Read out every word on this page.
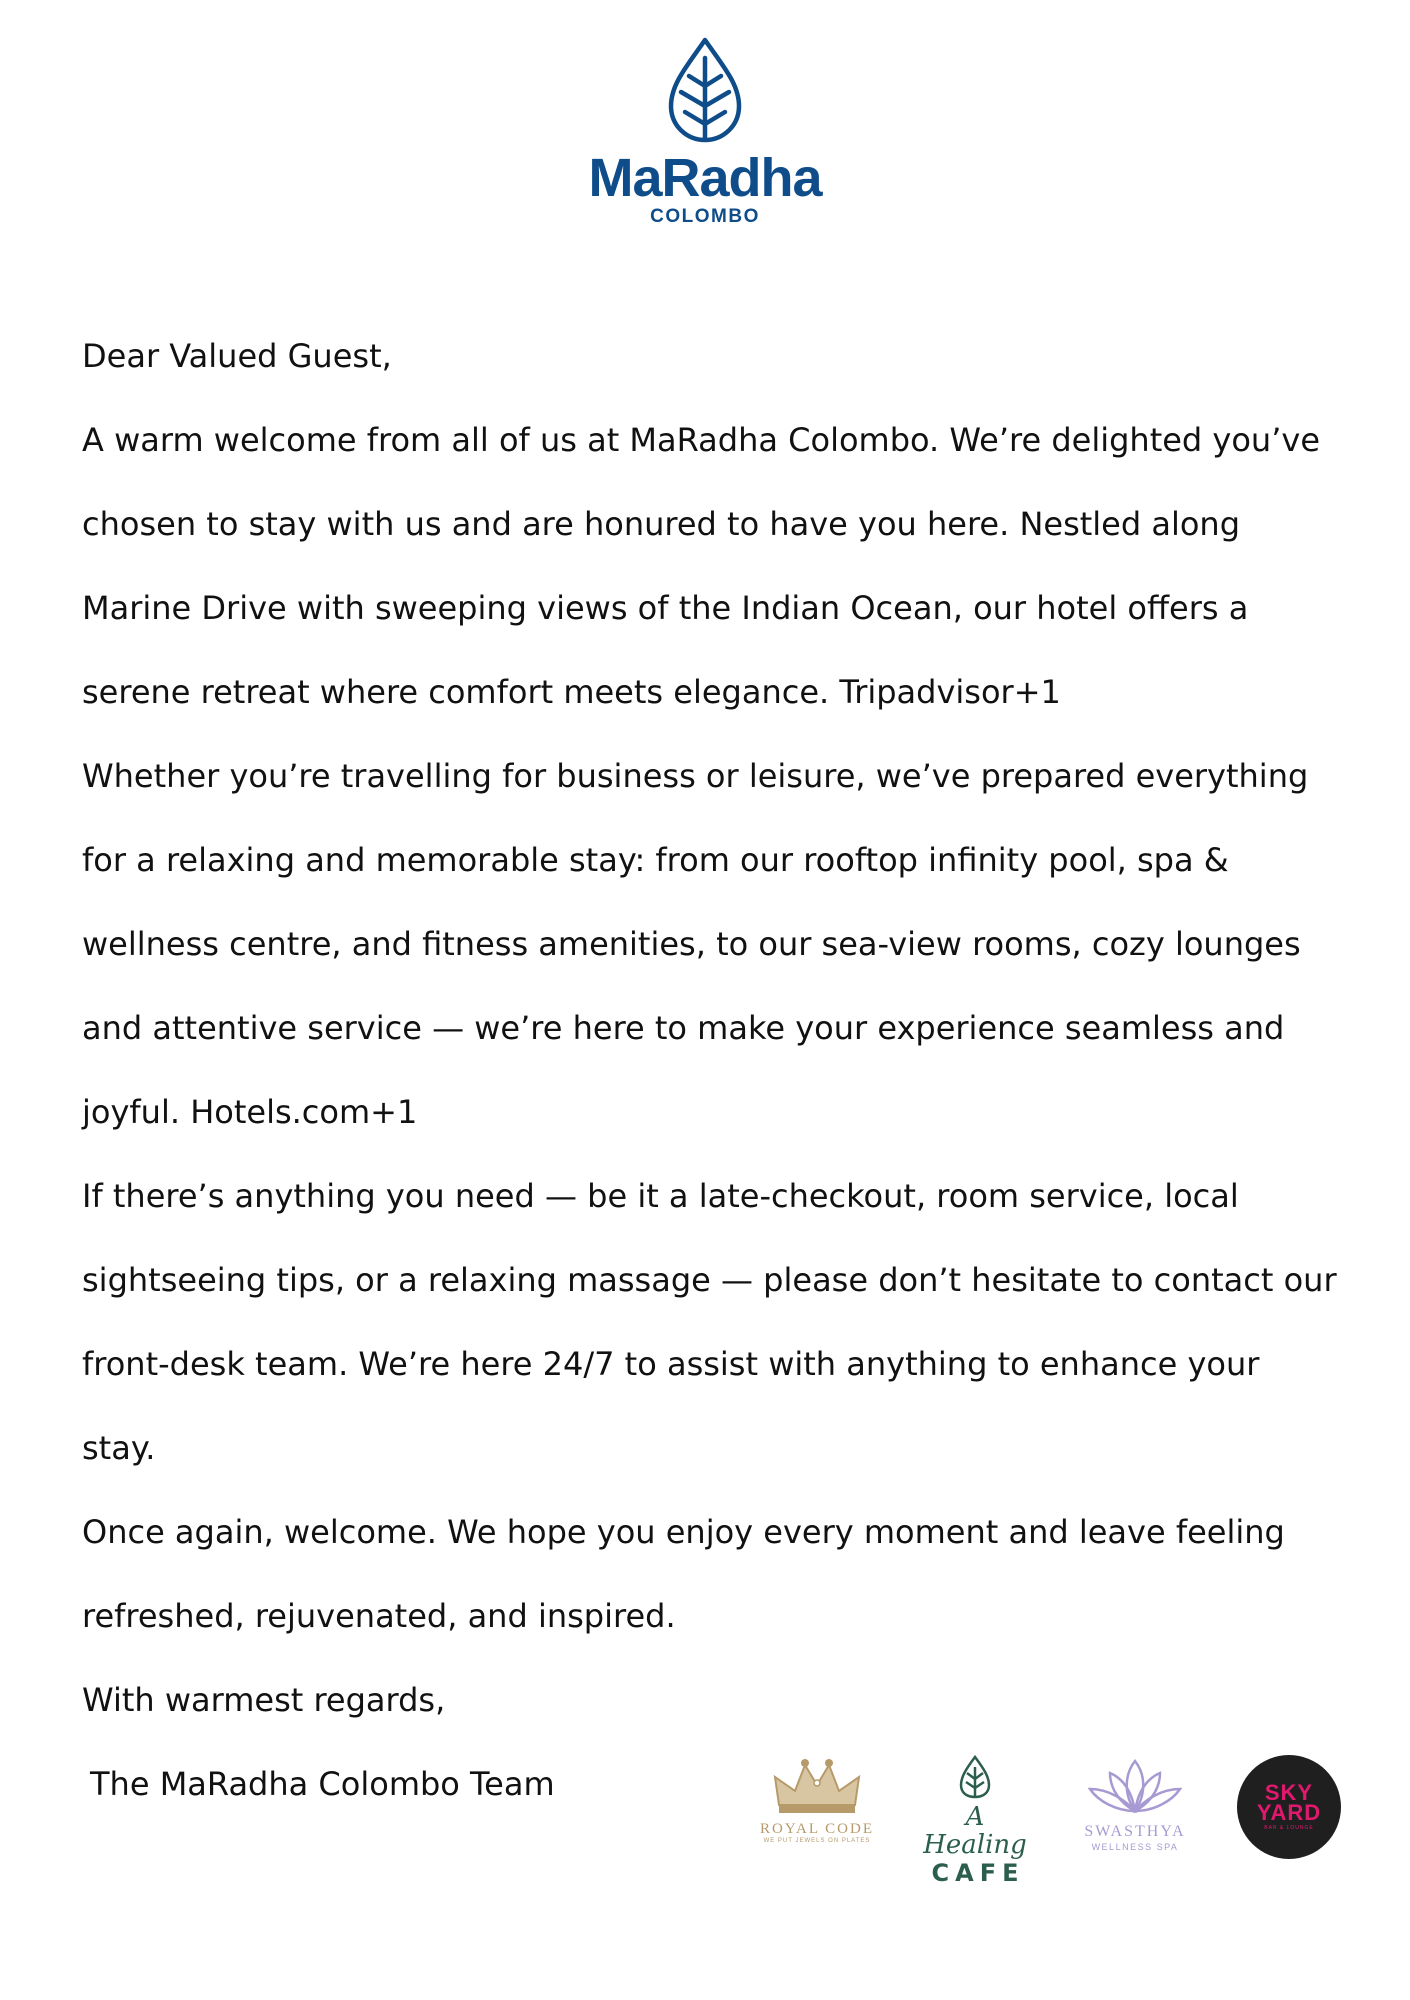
MaRadha
COLOMBO

Dear Valued Guest,

A warm welcome from all of us at MaRadha Colombo. We’re delighted you’ve

chosen to stay with us and are honured to have you here. Nestled along

Marine Drive with sweeping views of the Indian Ocean, our hotel offers a

serene retreat where comfort meets elegance. Tripadvisor+1

Whether you’re travelling for business or leisure, we’ve prepared everything

for a relaxing and memorable stay: from our rooftop infinity pool, spa &

wellness centre, and fitness amenities, to our sea-view rooms, cozy lounges

and attentive service — we’re here to make your experience seamless and

joyful. Hotels.com+1

If there’s anything you need — be it a late-checkout, room service, local

sightseeing tips, or a relaxing massage — please don’t hesitate to contact our

front-desk team. We’re here 24/7 to assist with anything to enhance your

stay.

Once again, welcome. We hope you enjoy every moment and leave feeling

refreshed, rejuvenated, and inspired.

With warmest regards,

The MaRadha Colombo Team

ROYAL CODE
WE PUT JEWELS ON PLATES
A Healing
CAFE
SWASTHYA
WELLNESS SPA
SKY
YARD
BAR & LOUNGE
